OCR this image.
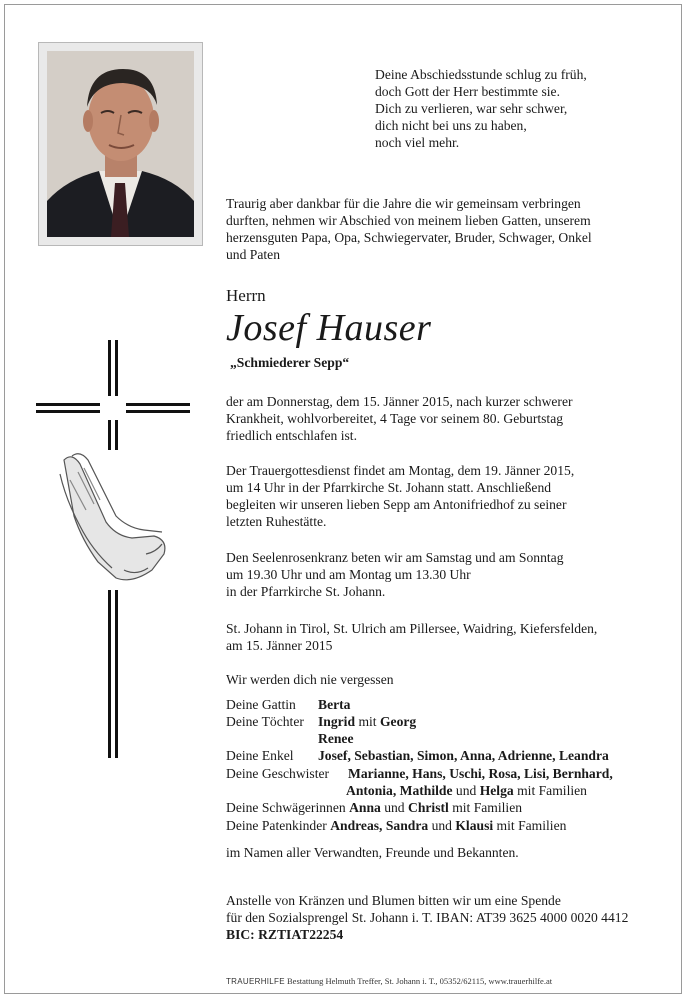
Deine Abschiedsstunde schlug zu früh,
doch Gott der Herr bestimmte sie.
Dich zu verlieren, war sehr schwer,
dich nicht bei uns zu haben,
noch viel mehr.
Traurig aber dankbar für die Jahre die wir gemeinsam verbringen
durften, nehmen wir Abschied von meinem lieben Gatten, unserem
herzensguten Papa, Opa, Schwiegervater, Bruder, Schwager, Onkel
und Paten
Herrn
Josef Hauser
„Schmiederer Sepp“
der am Donnerstag, dem 15. Jänner 2015, nach kurzer schwerer
Krankheit, wohlvorbereitet, 4 Tage vor seinem 80. Geburtstag
friedlich entschlafen ist.
Der Trauergottesdienst findet am Montag, dem 19. Jänner 2015,
um 14 Uhr in der Pfarrkirche St. Johann statt. Anschließend
begleiten wir unseren lieben Sepp am Antonifriedhof zu seiner
letzten Ruhestätte.
Den Seelenrosenkranz beten wir am Samstag und am Sonntag
um 19.30 Uhr und am Montag um 13.30 Uhr
in der Pfarrkirche St. Johann.
St. Johann in Tirol, St. Ulrich am Pillersee, Waidring, Kiefersfelden,
am 15. Jänner 2015
Wir werden dich nie vergessen
Deine Gattin Berta
Deine Töchter Ingrid mit Georg
Renee
Deine Enkel Josef, Sebastian, Simon, Anna, Adrienne, Leandra
Deine Geschwister Marianne, Hans, Uschi, Rosa, Lisi, Bernhard,
Antonia, Mathilde und Helga mit Familien
Deine Schwägerinnen Anna und Christl mit Familien
Deine Patenkinder Andreas, Sandra und Klausi mit Familien
im Namen aller Verwandten, Freunde und Bekannten.
Anstelle von Kränzen und Blumen bitten wir um eine Spende
für den Sozialsprengel St. Johann i. T. IBAN: AT39 3625 4000 0020 4412
BIC: RZTIAT22254
TRAUERHILFE Bestattung Helmuth Treffer, St. Johann i. T., 05352/62115, www.trauerhilfe.at
